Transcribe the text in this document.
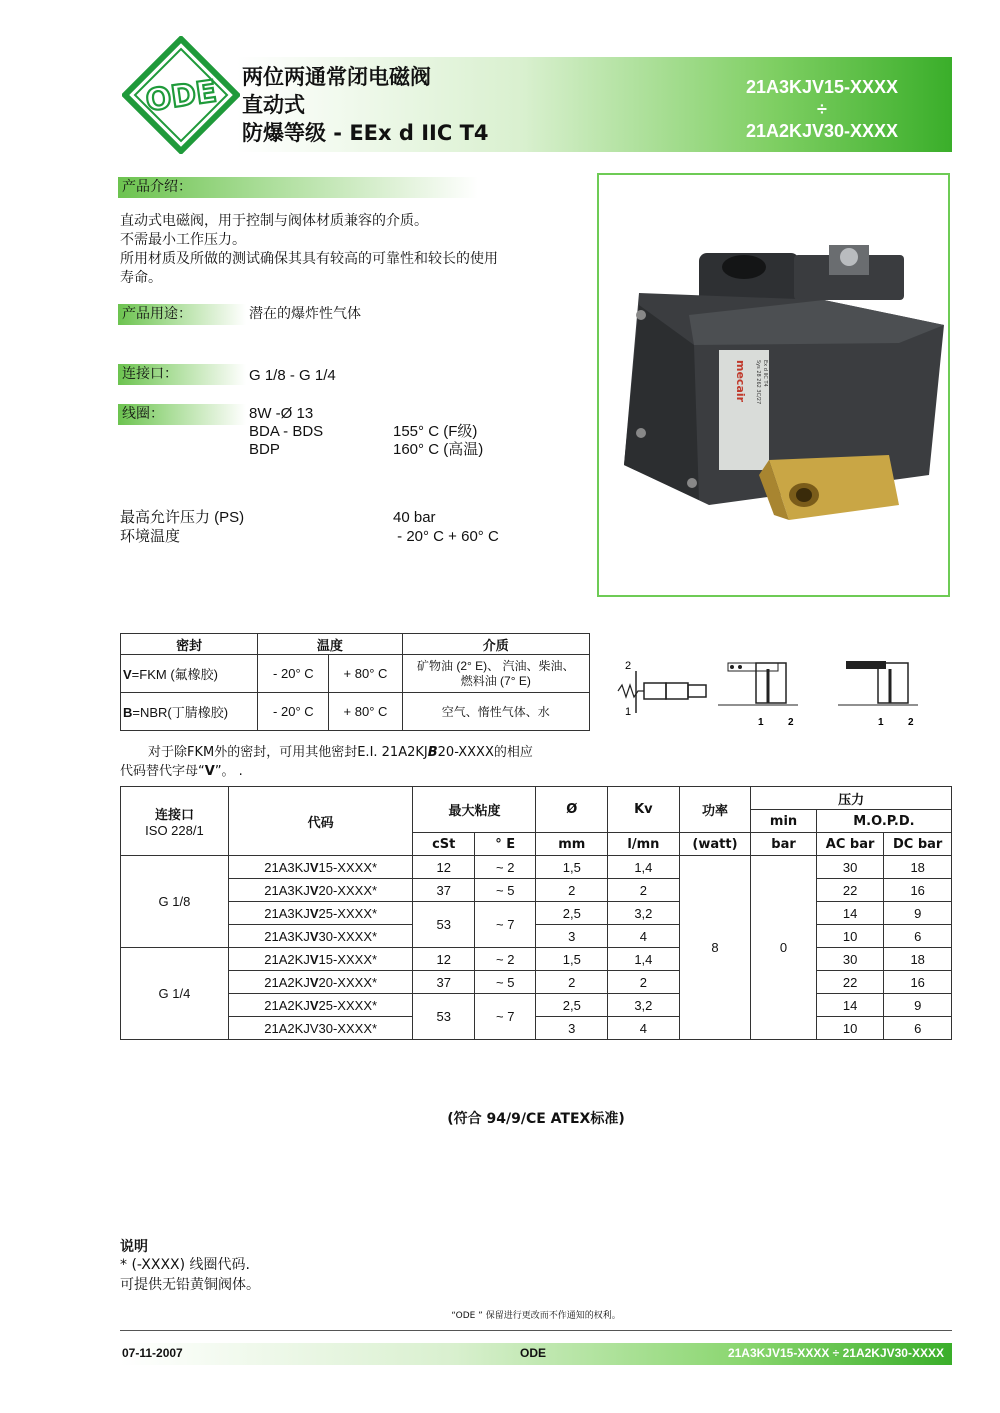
ODE 两位两通常闭电磁阀
直动式
防爆等级 - EEx d IIC T4
21A3KJV15-XXXX
÷
21A2KJV30-XXXX
产品介绍：
直动式电磁阀，用于控制与阀体材质兼容的介质。
不需最小工作压力。
所用材质及所做的测试确保其具有较高的可靠性和较长的使用
寿命。
产品用途：	潜在的爆炸性气体
连接口：	G 1/8 - G 1/4
线圈：	8W -Ø 13
BDA - BDS	155° C (F级)
BDP	160° C (高温)
最高允许压力 (PS)	40 bar
环境温度	- 20° C + 60° C
mecair Sys 28 262 3C/27 Ex d IIC T4
密封	温度		介质
V=FKM (氟橡胶)	- 20° C	+ 80° C	矿物油 (2° E)、 汽油、柴油、
燃料油 (7° E)

B=NBR(丁腈橡胶)	- 20° C	+ 80° C	空气、惰性气体、水
2
1
1 2	1 2
对于除FKM外的密封，可用其他密封E.I. 21A2KJB20-XXXX的相应
代码替代字母“V”。 .
连接口
ISO 228/1	代码	最大粘度		Ø	Kv	功率	压力		
							min	M.O.P.D.	
		cSt	° E	mm	l/mn	(watt)	bar	AC bar	DC bar
G 1/8	21A3KJV15-XXXX*	12	~ 2	1,5	1,4	8	0	30	18
	21A3KJV20-XXXX*	37	~ 5	2	2			22	16
	21A3KJV25-XXXX*	53	~ 7	2,5	3,2			14	9
	21A3KJV30-XXXX*			3	4			10	6
G 1/4	21A2KJV15-XXXX*	12	~ 2	1,5	1,4			30	18
	21A2KJV20-XXXX*	37	~ 5	2	2			22	16
	21A2KJV25-XXXX*	53	~ 7	2,5	3,2			14	9
	21A2KJV30-XXXX*			3	4			10	6
(符合 94/9/CE ATEX标准)
说明
* (-XXXX) 线圈代码.
可提供无铅黄铜阀体。
“ODE ” 保留进行更改而不作通知的权利。
07-11-2007	ODE	21A3KJV15-XXXX ÷ 21A2KJV30-XXXX
